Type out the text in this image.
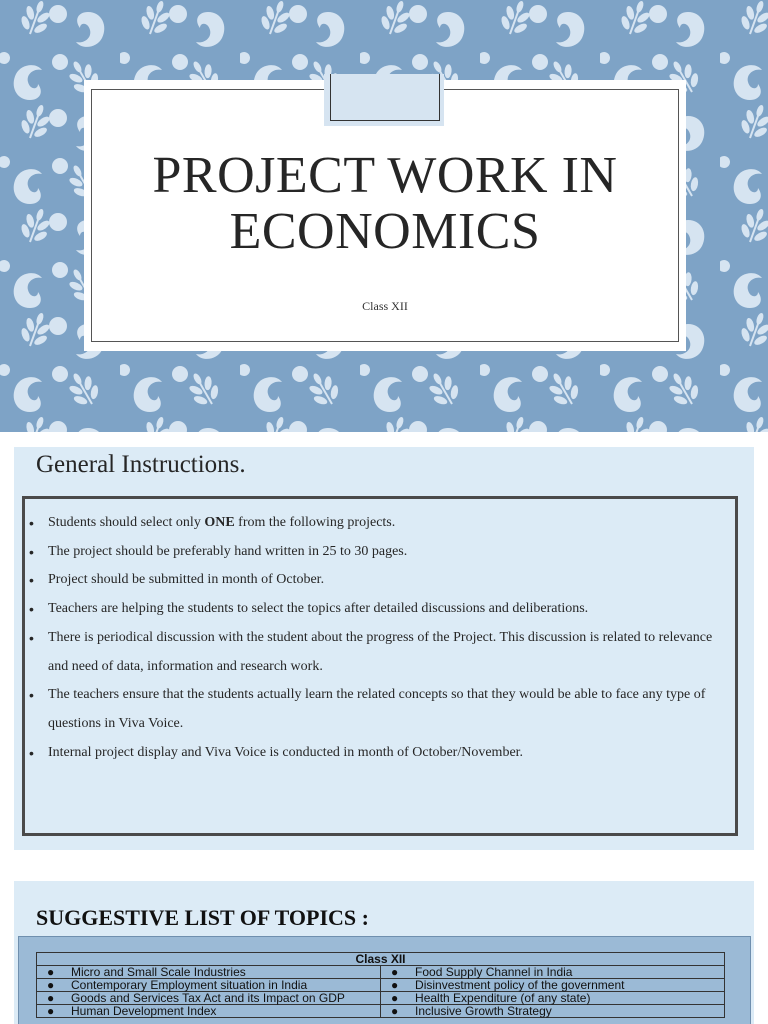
PROJECT WORK IN ECONOMICS
Class XII
General Instructions.
• Students should select only ONE from the following projects.
• The project should be preferably hand written in 25 to 30 pages.
• Project should be submitted in month of October.
• Teachers are helping the students to select the topics after detailed discussions and deliberations.
• There is periodical discussion with the student about the progress of the Project. This discussion is related to relevance and need of data, information and research work.
• The teachers ensure that the students actually learn the related concepts so that they would be able to face any type of questions in Viva Voice.
• Internal project display and Viva Voice is conducted in month of October/November.
SUGGESTIVE LIST OF TOPICS :
Class XII	

● Micro and Small Scale Industries	● Food Supply Channel in India

● Contemporary Employment situation in India	● Disinvestment policy of the government

● Goods and Services Tax Act and its Impact on GDP	● Health Expenditure (of any state)

● Human Development Index	● Inclusive Growth Strategy
